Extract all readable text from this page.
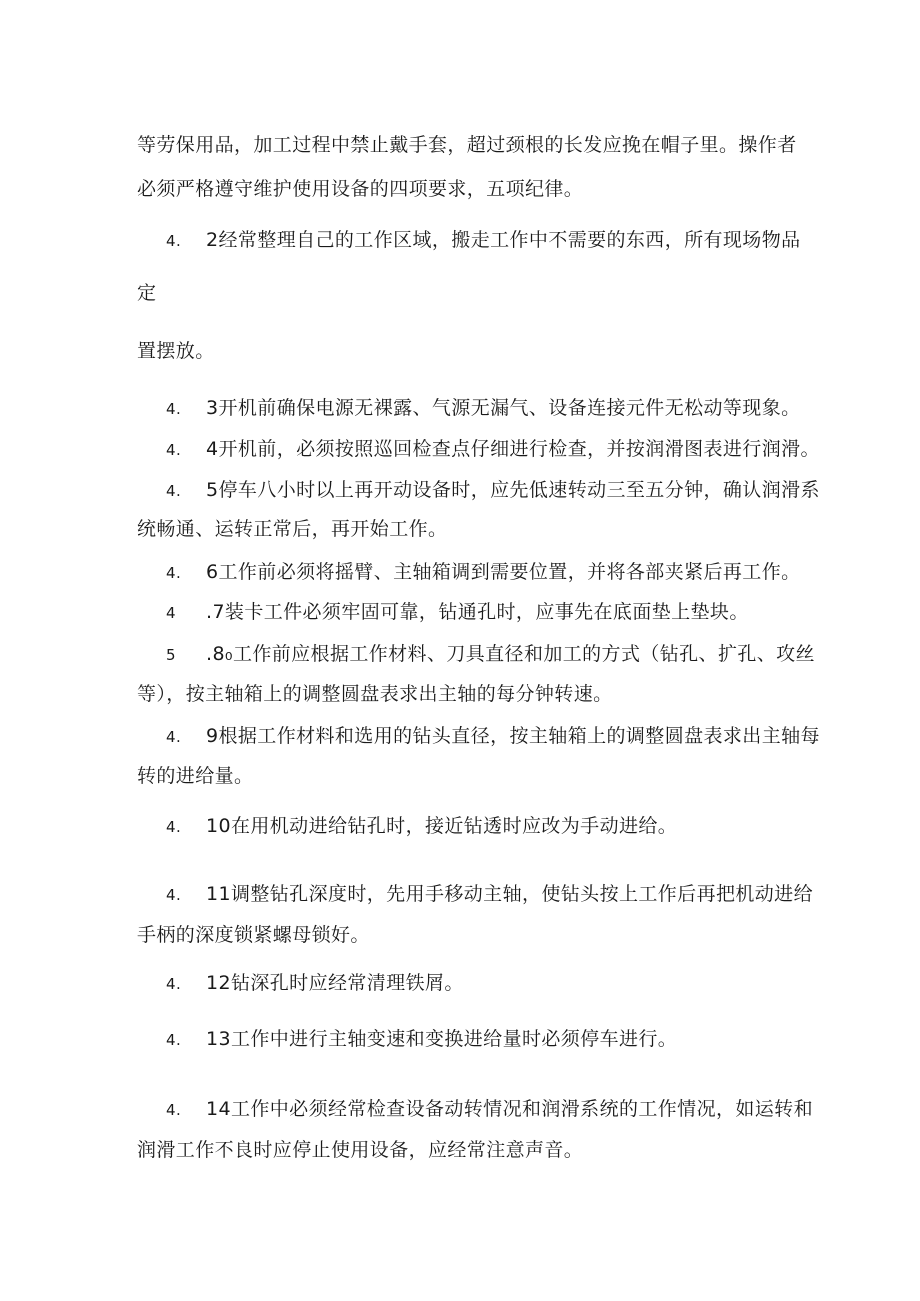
等劳保用品，加工过程中禁止戴手套，超过颈根的长发应挽在帽子里。操作者
必须严格遵守维护使用设备的四项要求，五项纪律。
4. 2经常整理自己的工作区域，搬走工作中不需要的东西，所有现场物品
定
置摆放。
4. 3开机前确保电源无裸露、气源无漏气、设备连接元件无松动等现象。
4. 4开机前，必须按照巡回检查点仔细进行检查，并按润滑图表进行润滑。
4. 5停车八小时以上再开动设备时，应先低速转动三至五分钟，确认润滑系
统畅通、运转正常后，再开始工作。
4. 6工作前必须将摇臂、主轴箱调到需要位置，并将各部夹紧后再工作。
4 .7装卡工件必须牢固可靠，钻通孔时，应事先在底面垫上垫块。
5 .8₀工作前应根据工作材料、刀具直径和加工的方式（钻孔、扩孔、攻丝
等），按主轴箱上的调整圆盘表求出主轴的每分钟转速。
4. 9根据工作材料和选用的钻头直径，按主轴箱上的调整圆盘表求出主轴每
转的进给量。
4. 10在用机动进给钻孔时，接近钻透时应改为手动进给。
4. 11调整钻孔深度时，先用手移动主轴，使钻头按上工作后再把机动进给
手柄的深度锁紧螺母锁好。
4. 12钻深孔时应经常清理铁屑。
4. 13工作中进行主轴变速和变换进给量时必须停车进行。
4. 14工作中必须经常检查设备动转情况和润滑系统的工作情况，如运转和
润滑工作不良时应停止使用设备，应经常注意声音。
